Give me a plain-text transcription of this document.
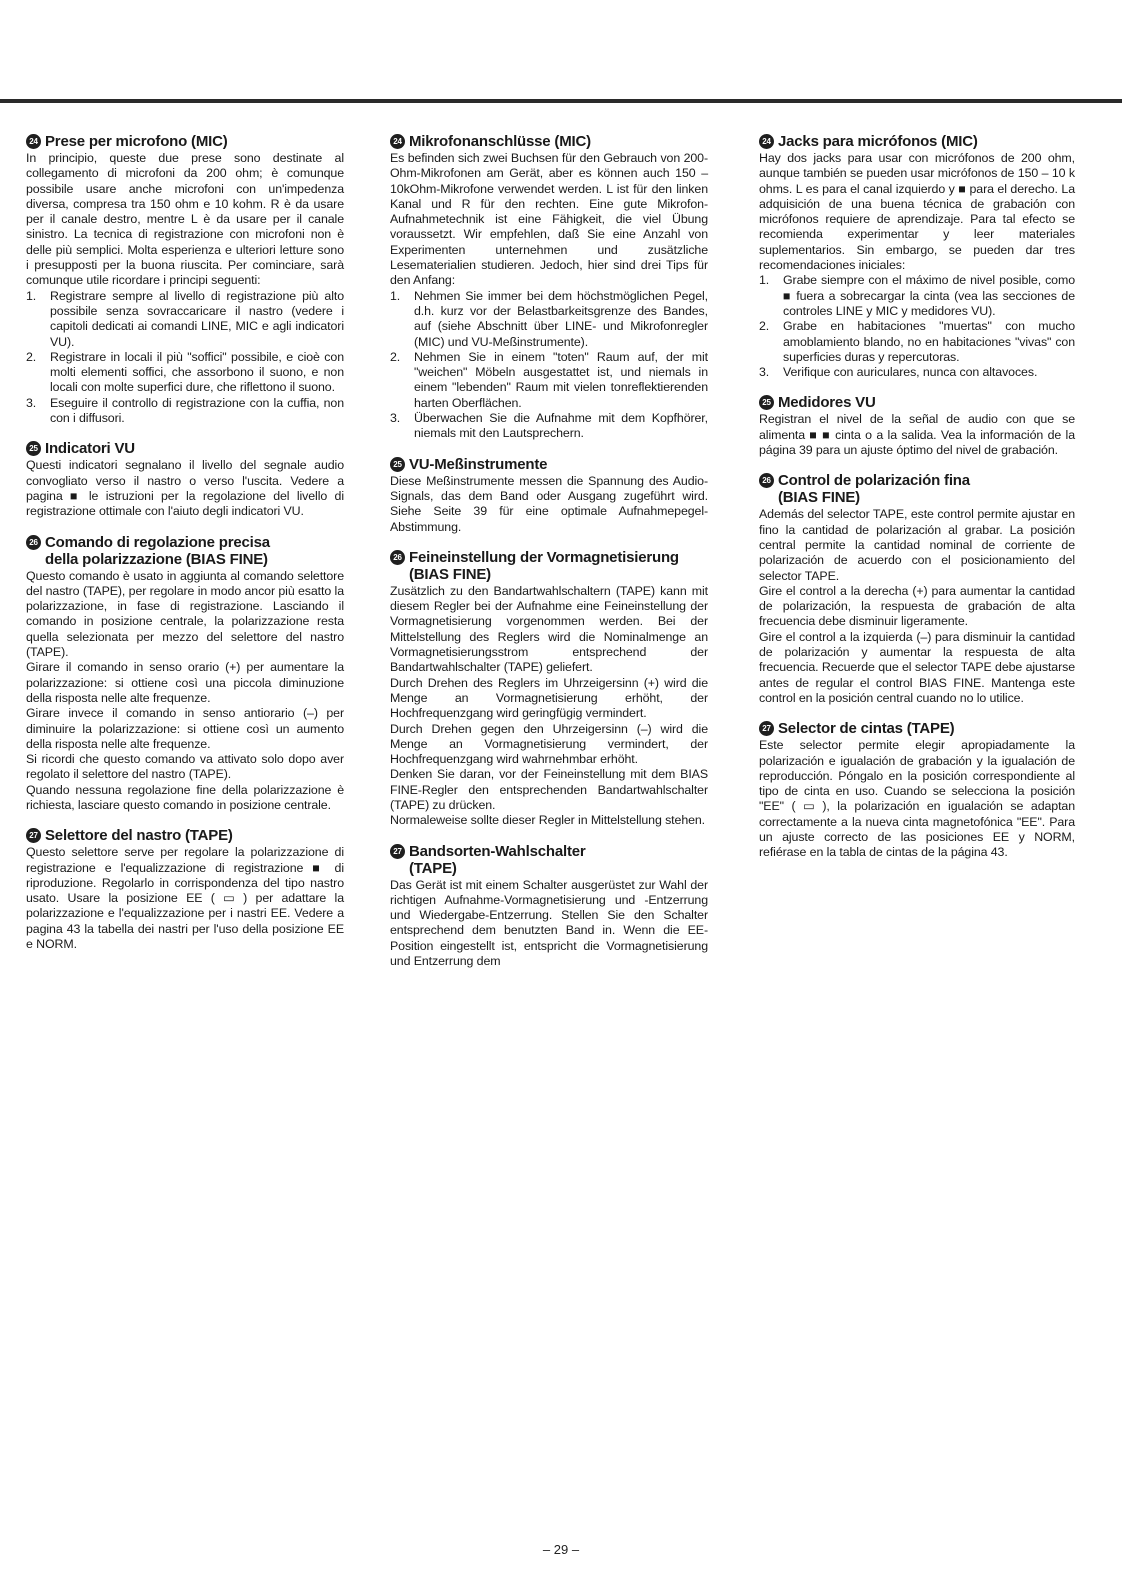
24 Prese per microfono (MIC)

In principio, queste due prese sono destinate al collegamento di microfoni da 200 ohm; è comunque possibile usare anche microfoni con un'impedenza diversa, compresa tra 150 ohm e 10 kohm. R è da usare per il canale destro, mentre L è da usare per il canale sinistro. La tecnica di registrazione con microfoni non è delle più semplici. Molta esperienza e ulteriori letture sono i presupposti per la buona riuscita. Per cominciare, sarà comunque utile ricordare i principi seguenti:

1.	Registrare sempre al livello di registrazione più alto possibile senza sovraccaricare il nastro (vedere i capitoli dedicati ai comandi LINE, MIC e agli indicatori VU).
2.	Registrare in locali il più "soffici" possibile, e cioè con molti elementi soffici, che assorbono il suono, e non locali con molte superfici dure, che riflettono il suono.
3.	Eseguire il controllo di registrazione con la cuffia, non con i diffusori.
25 Indicatori VU

Questi indicatori segnalano il livello del segnale audio convogliato verso il nastro o verso l'uscita. Vedere a pagina ■ le istruzioni per la regolazione del livello di registrazione ottimale con l'aiuto degli indicatori VU.

26 Comando di regolazione precisa
della polarizzazione (BIAS FINE)

Questo comando è usato in aggiunta al comando selettore del nastro (TAPE), per regolare in modo ancor più esatto la polarizzazione, in fase di registrazione. Lasciando il comando in posizione centrale, la polarizzazione resta quella selezionata per mezzo del selettore del nastro (TAPE).

Girare il comando in senso orario (+) per aumentare la polarizzazione: si ottiene così una piccola diminuzione della risposta nelle alte frequenze.

Girare invece il comando in senso antiorario (–) per diminuire la polarizzazione: si ottiene così un aumento della risposta nelle alte frequenze.

Si ricordi che questo comando va attivato solo dopo aver regolato il selettore del nastro (TAPE).

Quando nessuna regolazione fine della polarizzazione è richiesta, lasciare questo comando in posizione centrale.

27 Selettore del nastro (TAPE)

Questo selettore serve per regolare la polarizzazione di registrazione e l'equalizzazione di registrazione ■ di riproduzione. Regolarlo in corrispondenza del tipo nastro usato. Usare la posizione EE ( ▭ ) per adattare la polarizzazione e l'equalizzazione per i nastri EE. Vedere a pagina 43 la tabella dei nastri per l'uso della posizione EE e NORM.

24 Mikrofonanschlüsse (MIC)

Es befinden sich zwei Buchsen für den Gebrauch von 200-Ohm-Mikrofonen am Gerät, aber es können auch 150 – 10kOhm-Mikrofone verwendet werden. L ist für den linken Kanal und R für den rechten. Eine gute Mikrofon-Aufnahmetechnik ist eine Fähigkeit, die viel Übung voraussetzt. Wir empfehlen, daß Sie eine Anzahl von Experimenten unternehmen und zusätzliche Lesematerialien studieren. Jedoch, hier sind drei Tips für den Anfang:

1.	Nehmen Sie immer bei dem höchstmöglichen Pegel, d.h. kurz vor der Belastbarkeitsgrenze des Bandes, auf (siehe Abschnitt über LINE- und Mikrofonregler (MIC) und VU-Meßinstrumente).
2.	Nehmen Sie in einem "toten" Raum auf, der mit "weichen" Möbeln ausgestattet ist, und niemals in einem "lebenden" Raum mit vielen tonreflektierenden harten Oberflächen.
3.	Überwachen Sie die Aufnahme mit dem Kopfhörer, niemals mit den Lautsprechern.
25 VU-Meßinstrumente

Diese Meßinstrumente messen die Spannung des Audio-Signals, das dem Band oder Ausgang zugeführt wird. Siehe Seite 39 für eine optimale Aufnahmepegel-Abstimmung.

26 Feineinstellung der Vormagnetisierung (BIAS FINE)

Zusätzlich zu den Bandartwahlschaltern (TAPE) kann mit diesem Regler bei der Aufnahme eine Feineinstellung der Vormagnetisierung vorgenommen werden. Bei der Mittelstellung des Reglers wird die Nominalmenge an Vormagnetisierungsstrom entsprechend der Bandartwahlschalter (TAPE) geliefert.

Durch Drehen des Reglers im Uhrzeigersinn (+) wird die Menge an Vormagnetisierung erhöht, der Hochfrequenzgang wird geringfügig vermindert.

Durch Drehen gegen den Uhrzeigersinn (–) wird die Menge an Vormagnetisierung vermindert, der Hochfrequenzgang wird wahrnehmbar erhöht.

Denken Sie daran, vor der Feineinstellung mit dem BIAS FINE-Regler den entsprechenden Bandartwahlschalter (TAPE) zu drücken.

Normaleweise sollte dieser Regler in Mittelstellung stehen.

27 Bandsorten-Wahlschalter
(TAPE)

Das Gerät ist mit einem Schalter ausgerüstet zur Wahl der richtigen Aufnahme-Vormagnetisierung und -Entzerrung und Wiedergabe-Entzerrung. Stellen Sie den Schalter entsprechend dem benutzten Band in. Wenn die EE-Position eingestellt ist, entspricht die Vormagnetisierung und Entzerrung dem

24 Jacks para micrófonos (MIC)

Hay dos jacks para usar con micrófonos de 200 ohm, aunque también se pueden usar micrófonos de 150 – 10 k ohms. L es para el canal izquierdo y ■ para el derecho. La adquisición de una buena técnica de grabación con micrófonos requiere de aprendizaje. Para tal efecto se recomienda experimentar y leer materiales suplementarios. Sin embargo, se pueden dar tres recomendaciones iniciales:

1.	Grabe siempre con el máximo de nivel posible, como ■ fuera a sobrecargar la cinta (vea las secciones de controles LINE y MIC y medidores VU).
2.	Grabe en habitaciones "muertas" con mucho amoblamiento blando, no en habitaciones "vivas" con superficies duras y repercutoras.
3.	Verifique con auriculares, nunca con altavoces.
25 Medidores VU

Registran el nivel de la señal de audio con que se alimenta ■ ■ cinta o a la salida. Vea la información de la página 39 para un ajuste óptimo del nivel de grabación.

26 Control de polarización fina
(BIAS FINE)

Además del selector TAPE, este control permite ajustar en fino la cantidad de polarización al grabar. La posición central permite la cantidad nominal de corriente de polarización de acuerdo con el posicionamiento del selector TAPE.

Gire el control a la derecha (+) para aumentar la cantidad de polarización, la respuesta de grabación de alta frecuencia debe disminuir ligeramente.

Gire el control a la izquierda (–) para disminuir la cantidad de polarización y aumentar la respuesta de alta frecuencia. Recuerde que el selector TAPE debe ajustarse antes de regular el control BIAS FINE. Mantenga este control en la posición central cuando no lo utilice.

27 Selector de cintas (TAPE)

Este selector permite elegir apropiadamente la polarización e igualación de grabación y la igualación de reproducción. Póngalo en la posición correspondiente al tipo de cinta en uso. Cuando se selecciona la posición "EE" ( ▭ ), la polarización en igualación se adaptan correctamente a la nueva cinta magnetofónica "EE". Para un ajuste correcto de las posiciones EE y NORM, refiérase en la tabla de cintas de la página 43.

– 29 –
